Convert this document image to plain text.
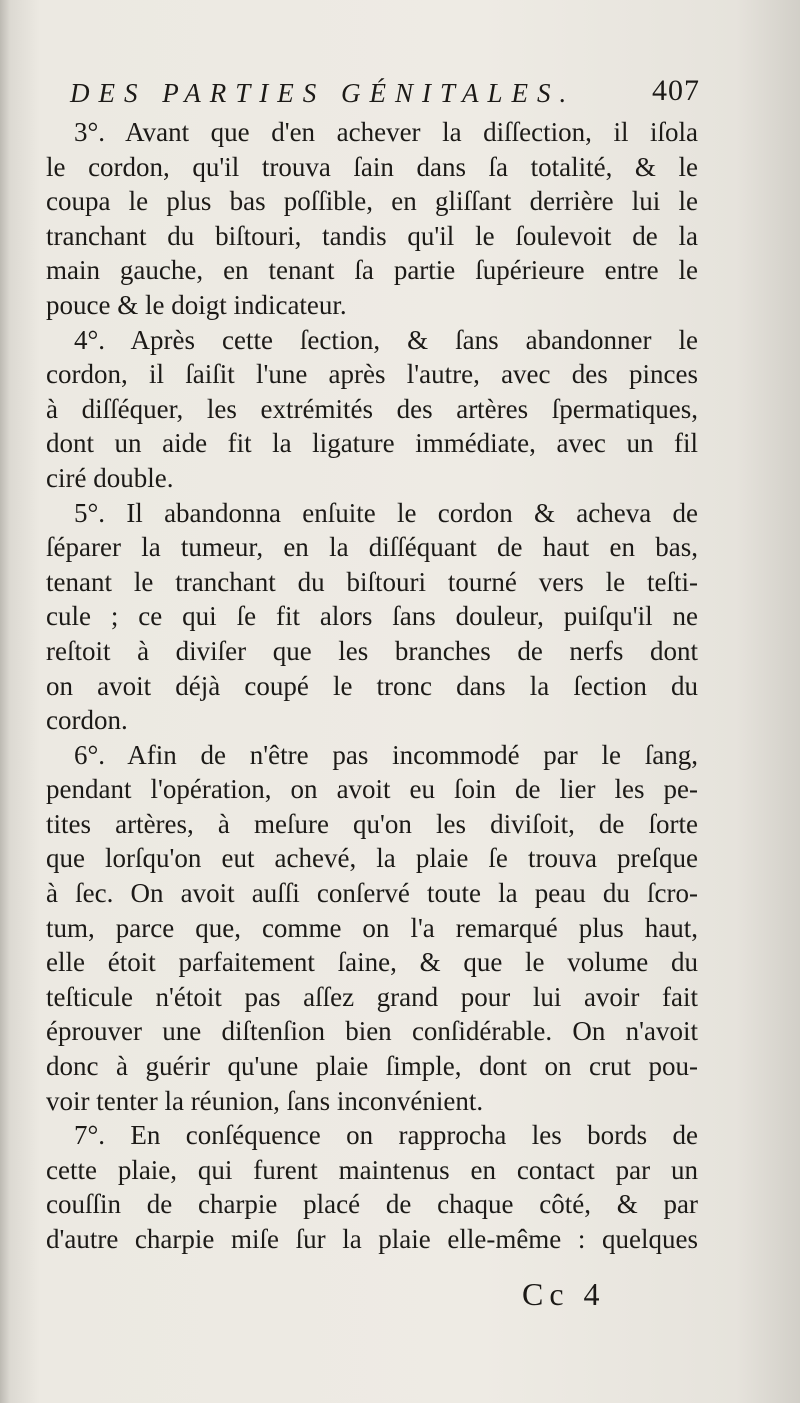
DES PARTIES GÉNITALES.	407
3°. Avant que d'en achever la diſſection, il iſola
le cordon, qu'il trouva ſain dans ſa totalité, & le
coupa le plus bas poſſible, en gliſſant derrière lui le
tranchant du biſtouri, tandis qu'il le ſoulevoit de la
main gauche, en tenant ſa partie ſupérieure entre le
pouce & le doigt indicateur.
4°. Après cette ſection, & ſans abandonner le
cordon, il ſaiſit l'une après l'autre, avec des pinces
à diſſéquer, les extrémités des artères ſpermatiques,
dont un aide fit la ligature immédiate, avec un fil
ciré double.
5°. Il abandonna enſuite le cordon & acheva de
ſéparer la tumeur, en la diſſéquant de haut en bas,
tenant le tranchant du biſtouri tourné vers le teſti-
cule ; ce qui ſe fit alors ſans douleur, puiſqu'il ne
reſtoit à diviſer que les branches de nerfs dont
on avoit déjà coupé le tronc dans la ſection du
cordon.
6°. Afin de n'être pas incommodé par le ſang,
pendant l'opération, on avoit eu ſoin de lier les pe-
tites artères, à meſure qu'on les diviſoit, de ſorte
que lorſqu'on eut achevé, la plaie ſe trouva preſque
à ſec. On avoit auſſi conſervé toute la peau du ſcro-
tum, parce que, comme on l'a remarqué plus haut,
elle étoit parfaitement ſaine, & que le volume du
teſticule n'étoit pas aſſez grand pour lui avoir fait
éprouver une diſtenſion bien conſidérable. On n'avoit
donc à guérir qu'une plaie ſimple, dont on crut pou-
voir tenter la réunion, ſans inconvénient.
7°. En conſéquence on rapprocha les bords de
cette plaie, qui furent maintenus en contact par un
couſſin de charpie placé de chaque côté, & par
d'autre charpie miſe ſur la plaie elle-même : quelques
Cc 4
